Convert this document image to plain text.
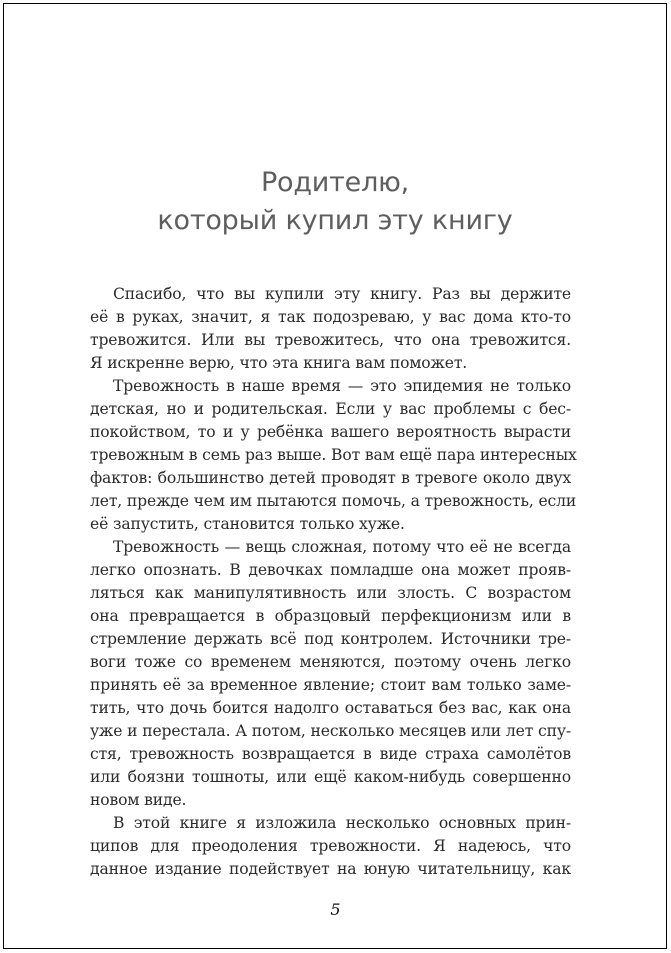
Родителю,
который купил эту книгу
Спасибо, что вы купили эту книгу. Раз вы держите
её в руках, значит, я так подозреваю, у вас дома кто-то
тревожится. Или вы тревожитесь, что она тревожится.
Я искренне верю, что эта книга вам поможет.
Тревожность в наше время — это эпидемия не только
детская, но и родительская. Если у вас проблемы с бес-
покойством, то и у ребёнка вашего вероятность вырасти
тревожным в семь раз выше. Вот вам ещё пара интересных
фактов: большинство детей проводят в тревоге около двух
лет, прежде чем им пытаются помочь, а тревожность, если
её запустить, становится только хуже.
Тревожность — вещь сложная, потому что её не всегда
легко опознать. В девочках помладше она может прояв-
ляться как манипулятивность или злость. С возрастом
она превращается в образцовый перфекционизм или в
стремление держать всё под контролем. Источники тре-
воги тоже со временем меняются, поэтому очень легко
принять её за временное явление; стоит вам только заме-
тить, что дочь боится надолго оставаться без вас, как она
уже и перестала. А потом, несколько месяцев или лет спу-
стя, тревожность возвращается в виде страха самолётов
или боязни тошноты, или ещё каком-нибудь совершенно
новом виде.
В этой книге я изложила несколько основных прин-
ципов для преодоления тревожности. Я надеюсь, что
данное издание подействует на юную читательницу, как
5
